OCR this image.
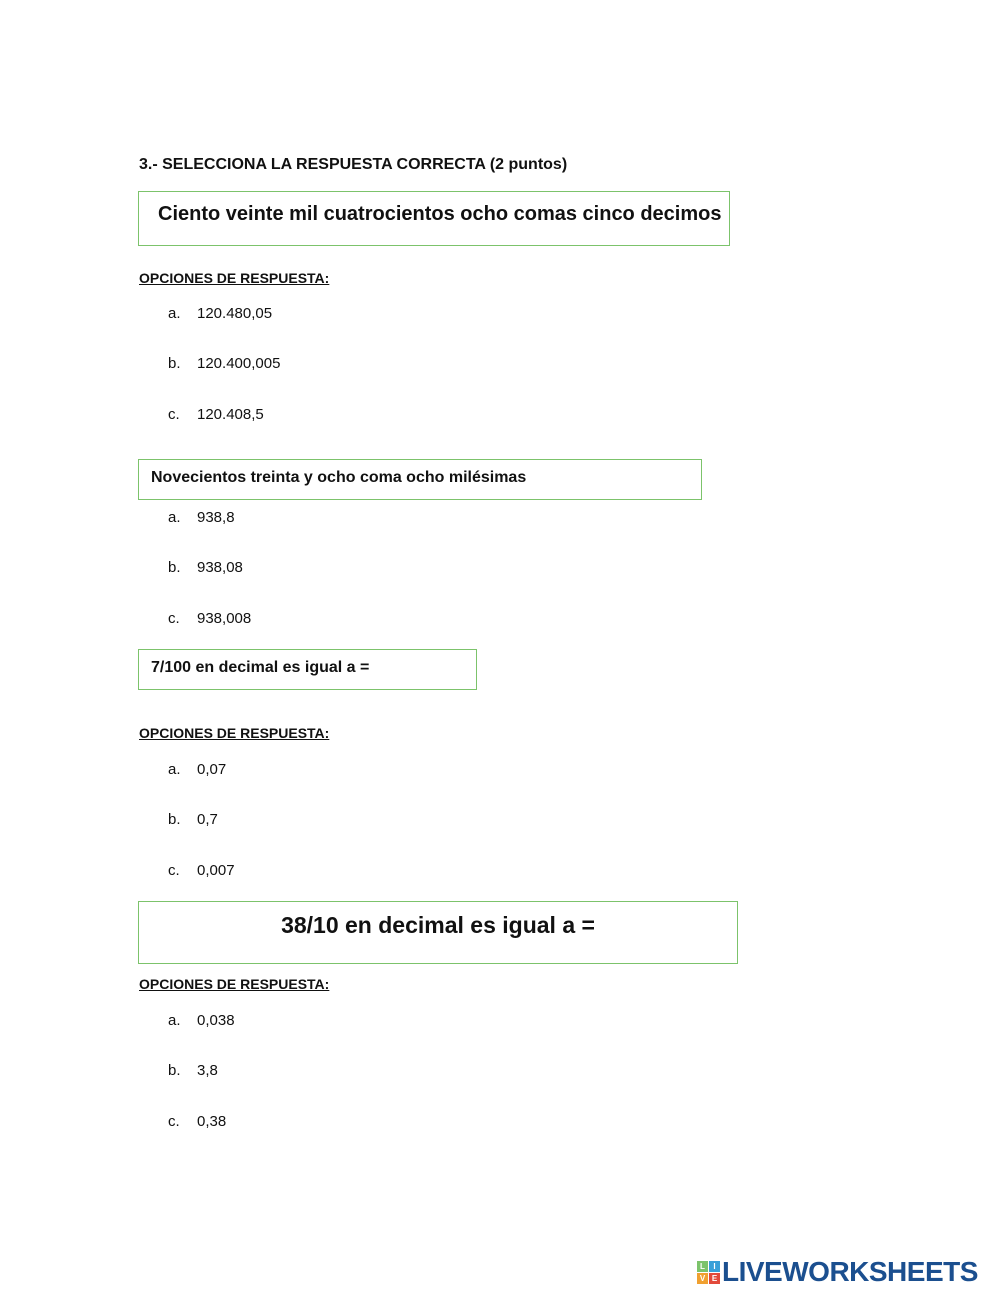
3.- SELECCIONA LA RESPUESTA CORRECTA (2 puntos)
Ciento veinte mil cuatrocientos ocho comas cinco decimos
OPCIONES DE RESPUESTA:
a. 120.480,05
b. 120.400,005
c. 120.408,5
Novecientos treinta y ocho coma ocho milésimas
a. 938,8
b. 938,08
c. 938,008
7/100 en decimal es igual a =
OPCIONES DE RESPUESTA:
a. 0,07
b. 0,7
c. 0,007
38/10 en decimal es igual a =
OPCIONES DE RESPUESTA:
a. 0,038
b. 3,8
c. 0,38
L	I
V E LIVEWORKSHEETS
